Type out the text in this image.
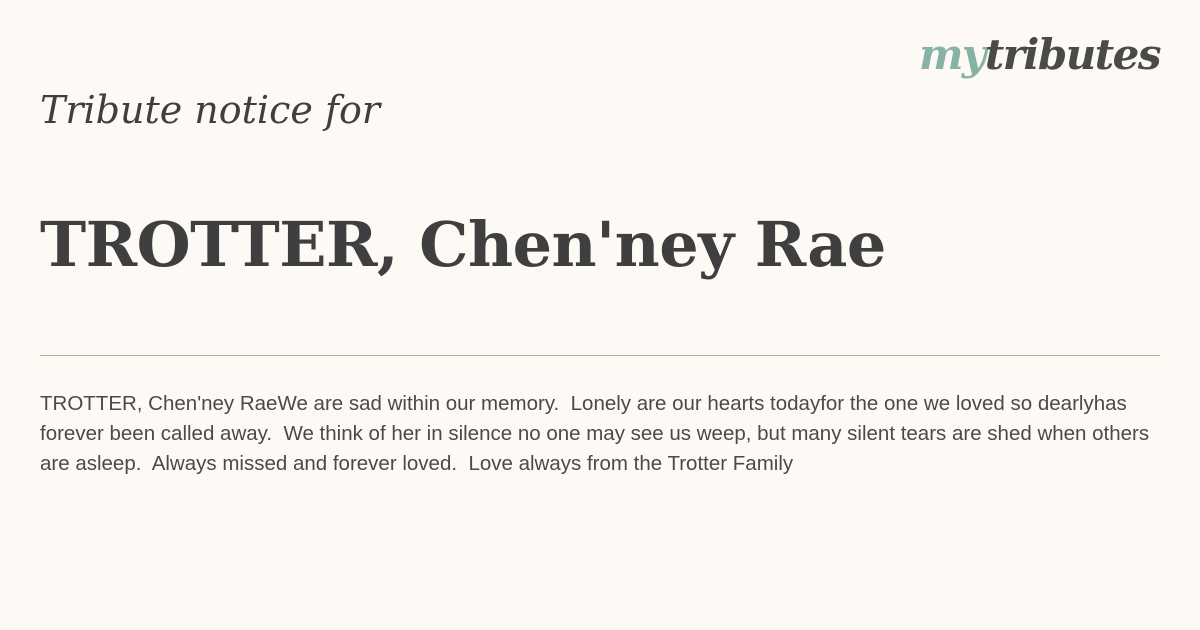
mytributes
Tribute notice for
TROTTER, Chen'ney Rae
TROTTER, Chen'ney RaeWe are sad within our memory.  Lonely are our hearts todayfor the one we loved so dearlyhas forever been called away.  We think of her in silence no one may see us weep, but many silent tears are shed when others are asleep.  Always missed and forever loved.  Love always from the Trotter Family
